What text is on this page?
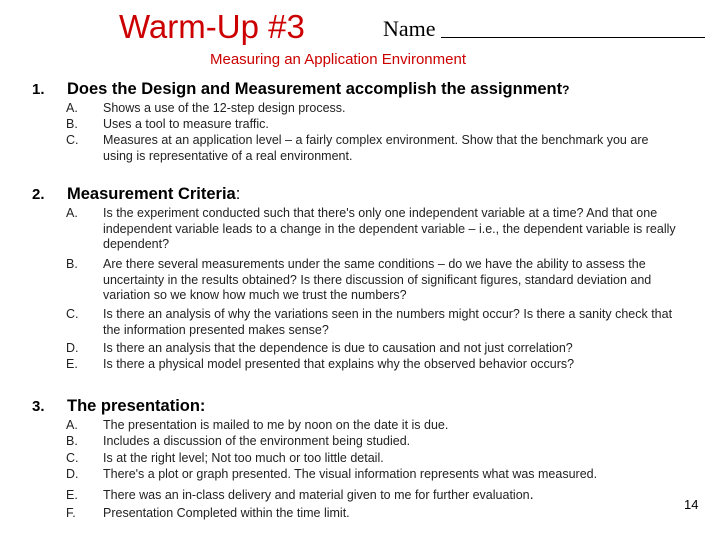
Warm-Up #3	Name
Measuring an Application Environment
1. Does the Design and Measurement accomplish the assignment?
A.	Shows a use of the 12-step design process.
B.	Uses a tool to measure traffic.
C.	Measures at an application level – a fairly complex environment. Show that the benchmark you are using is representative of a real environment.
2. Measurement Criteria:
A.	Is the experiment conducted such that there's only one independent variable at a time? And that one independent variable leads to a change in the dependent variable – i.e., the dependent variable is really dependent?
B.	Are there several measurements under the same conditions – do we have the ability to assess the uncertainty in the results obtained? Is there discussion of significant figures, standard deviation and variation so we know how much we trust the numbers?
C.	Is there an analysis of why the variations seen in the numbers might occur? Is there a sanity check that the information presented makes sense?
D.	Is there an analysis that the dependence is due to causation and not just correlation?
E.	Is there a physical model presented that explains why the observed behavior occurs?
3. The presentation:
A.	The presentation is mailed to me by noon on the date it is due.
B.	Includes a discussion of the environment being studied.
C.	Is at the right level; Not too much or too little detail.
D.	There's a plot or graph presented. The visual information represents what was measured.
E.	There was an in-class delivery and material given to me for further evaluation.
F.	Presentation Completed within the time limit.
14
